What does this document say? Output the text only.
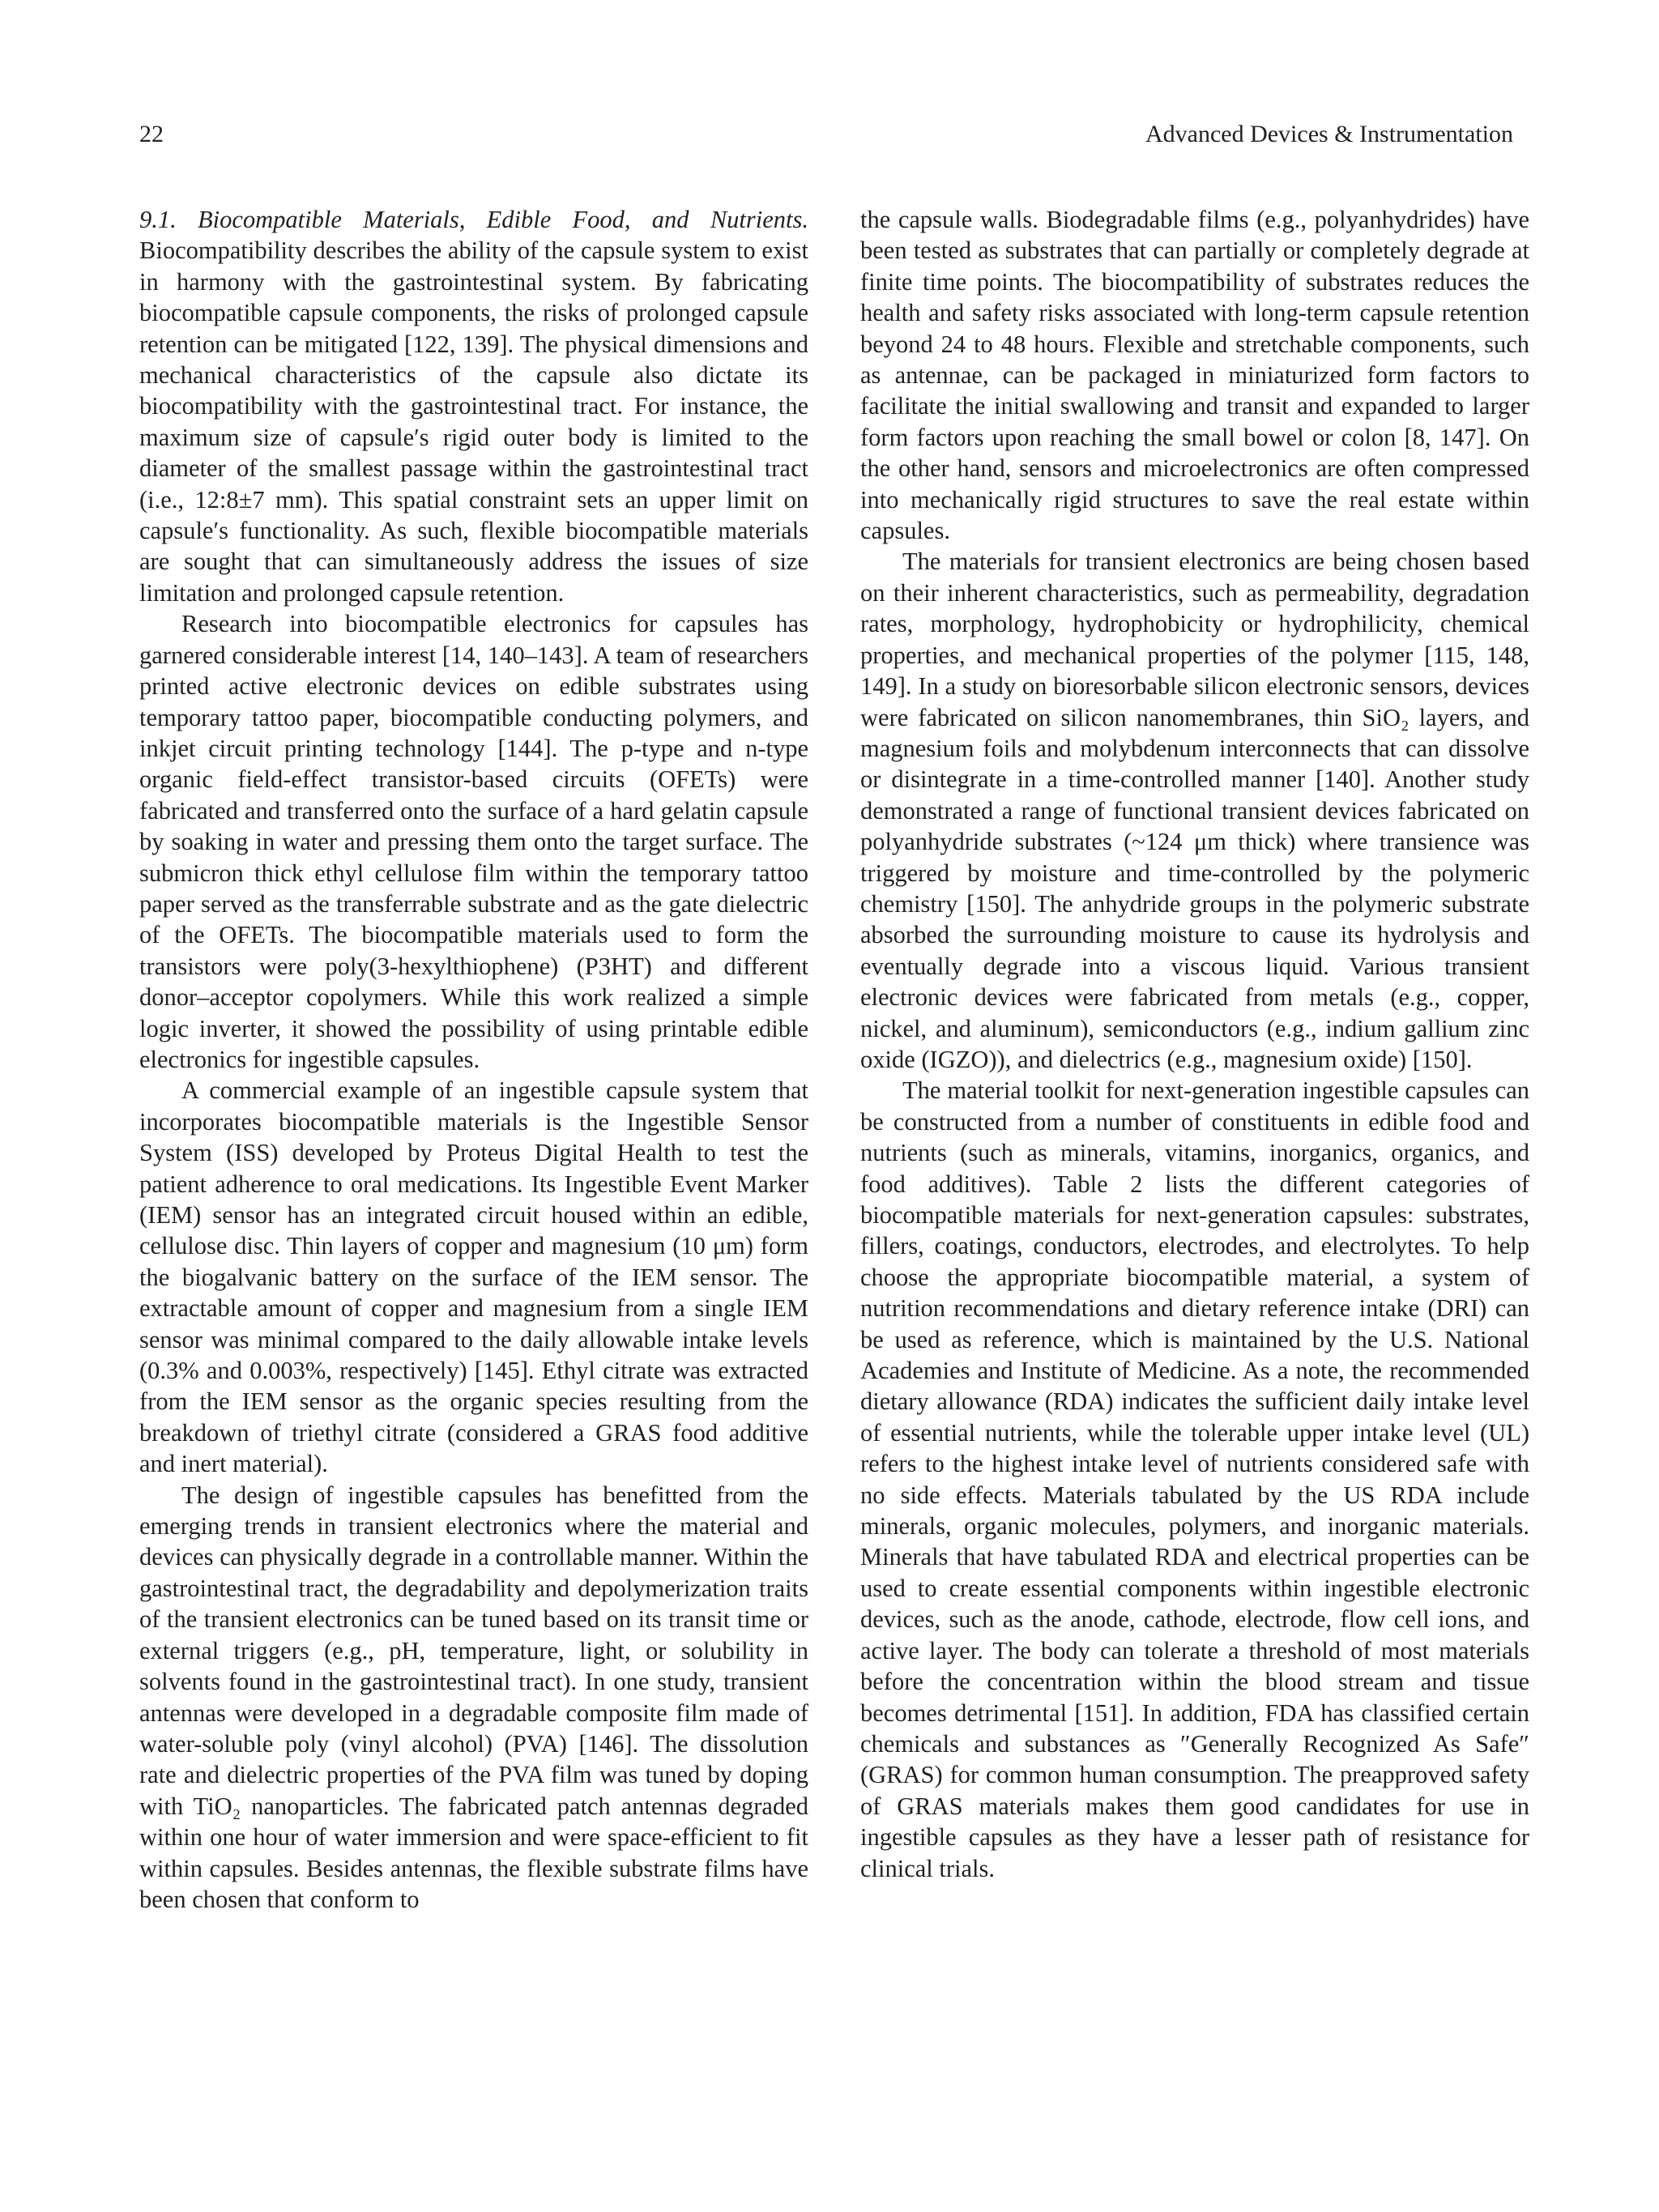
22	Advanced Devices & Instrumentation

9.1. Biocompatible Materials, Edible Food, and Nutrients. Biocompatibility describes the ability of the capsule system to exist in harmony with the gastrointestinal system. By fabricating biocompatible capsule components, the risks of prolonged capsule retention can be mitigated [122, 139]. The physical dimensions and mechanical characteristics of the capsule also dictate its biocompatibility with the gastrointestinal tract. For instance, the maximum size of capsule′s rigid outer body is limited to the diameter of the smallest passage within the gastrointestinal tract (i.e., 12:8±7 mm). This spatial constraint sets an upper limit on capsule′s functionality. As such, flexible biocompatible materials are sought that can simultaneously address the issues of size limitation and prolonged capsule retention.

Research into biocompatible electronics for capsules has garnered considerable interest [14, 140–143]. A team of researchers printed active electronic devices on edible substrates using temporary tattoo paper, biocompatible conducting polymers, and inkjet circuit printing technology [144]. The p-type and n-type organic field-effect transistor-based circuits (OFETs) were fabricated and transferred onto the surface of a hard gelatin capsule by soaking in water and pressing them onto the target surface. The submicron thick ethyl cellulose film within the temporary tattoo paper served as the transferrable substrate and as the gate dielectric of the OFETs. The biocompatible materials used to form the transistors were poly(3-hexylthiophene) (P3HT) and different donor–acceptor copolymers. While this work realized a simple logic inverter, it showed the possibility of using printable edible electronics for ingestible capsules.

A commercial example of an ingestible capsule system that incorporates biocompatible materials is the Ingestible Sensor System (ISS) developed by Proteus Digital Health to test the patient adherence to oral medications. Its Ingestible Event Marker (IEM) sensor has an integrated circuit housed within an edible, cellulose disc. Thin layers of copper and magnesium (10 μm) form the biogalvanic battery on the surface of the IEM sensor. The extractable amount of copper and magnesium from a single IEM sensor was minimal compared to the daily allowable intake levels (0.3% and 0.003%, respectively) [145]. Ethyl citrate was extracted from the IEM sensor as the organic species resulting from the breakdown of triethyl citrate (considered a GRAS food additive and inert material).

The design of ingestible capsules has benefitted from the emerging trends in transient electronics where the material and devices can physically degrade in a controllable manner. Within the gastrointestinal tract, the degradability and depolymerization traits of the transient electronics can be tuned based on its transit time or external triggers (e.g., pH, temperature, light, or solubility in solvents found in the gastrointestinal tract). In one study, transient antennas were developed in a degradable composite film made of water-soluble poly (vinyl alcohol) (PVA) [146]. The dissolution rate and dielectric properties of the PVA film was tuned by doping with TiO₂ nanoparticles. The fabricated patch antennas degraded within one hour of water immersion and were space-efficient to fit within capsules. Besides antennas, the flexible substrate films have been chosen that conform to

the capsule walls. Biodegradable films (e.g., polyanhydrides) have been tested as substrates that can partially or completely degrade at finite time points. The biocompatibility of substrates reduces the health and safety risks associated with long-term capsule retention beyond 24 to 48 hours. Flexible and stretchable components, such as antennae, can be packaged in miniaturized form factors to facilitate the initial swallowing and transit and expanded to larger form factors upon reaching the small bowel or colon [8, 147]. On the other hand, sensors and microelectronics are often compressed into mechanically rigid structures to save the real estate within capsules.

The materials for transient electronics are being chosen based on their inherent characteristics, such as permeability, degradation rates, morphology, hydrophobicity or hydrophilicity, chemical properties, and mechanical properties of the polymer [115, 148, 149]. In a study on bioresorbable silicon electronic sensors, devices were fabricated on silicon nanomembranes, thin SiO₂ layers, and magnesium foils and molybdenum interconnects that can dissolve or disintegrate in a time-controlled manner [140]. Another study demonstrated a range of functional transient devices fabricated on polyanhydride substrates (~124 μm thick) where transience was triggered by moisture and time-controlled by the polymeric chemistry [150]. The anhydride groups in the polymeric substrate absorbed the surrounding moisture to cause its hydrolysis and eventually degrade into a viscous liquid. Various transient electronic devices were fabricated from metals (e.g., copper, nickel, and aluminum), semiconductors (e.g., indium gallium zinc oxide (IGZO)), and dielectrics (e.g., magnesium oxide) [150].

The material toolkit for next-generation ingestible capsules can be constructed from a number of constituents in edible food and nutrients (such as minerals, vitamins, inorganics, organics, and food additives). Table 2 lists the different categories of biocompatible materials for next-generation capsules: substrates, fillers, coatings, conductors, electrodes, and electrolytes. To help choose the appropriate biocompatible material, a system of nutrition recommendations and dietary reference intake (DRI) can be used as reference, which is maintained by the U.S. National Academies and Institute of Medicine. As a note, the recommended dietary allowance (RDA) indicates the sufficient daily intake level of essential nutrients, while the tolerable upper intake level (UL) refers to the highest intake level of nutrients considered safe with no side effects. Materials tabulated by the US RDA include minerals, organic molecules, polymers, and inorganic materials. Minerals that have tabulated RDA and electrical properties can be used to create essential components within ingestible electronic devices, such as the anode, cathode, electrode, flow cell ions, and active layer. The body can tolerate a threshold of most materials before the concentration within the blood stream and tissue becomes detrimental [151]. In addition, FDA has classified certain chemicals and substances as ″Generally Recognized As Safe″ (GRAS) for common human consumption. The preapproved safety of GRAS materials makes them good candidates for use in ingestible capsules as they have a lesser path of resistance for clinical trials.
